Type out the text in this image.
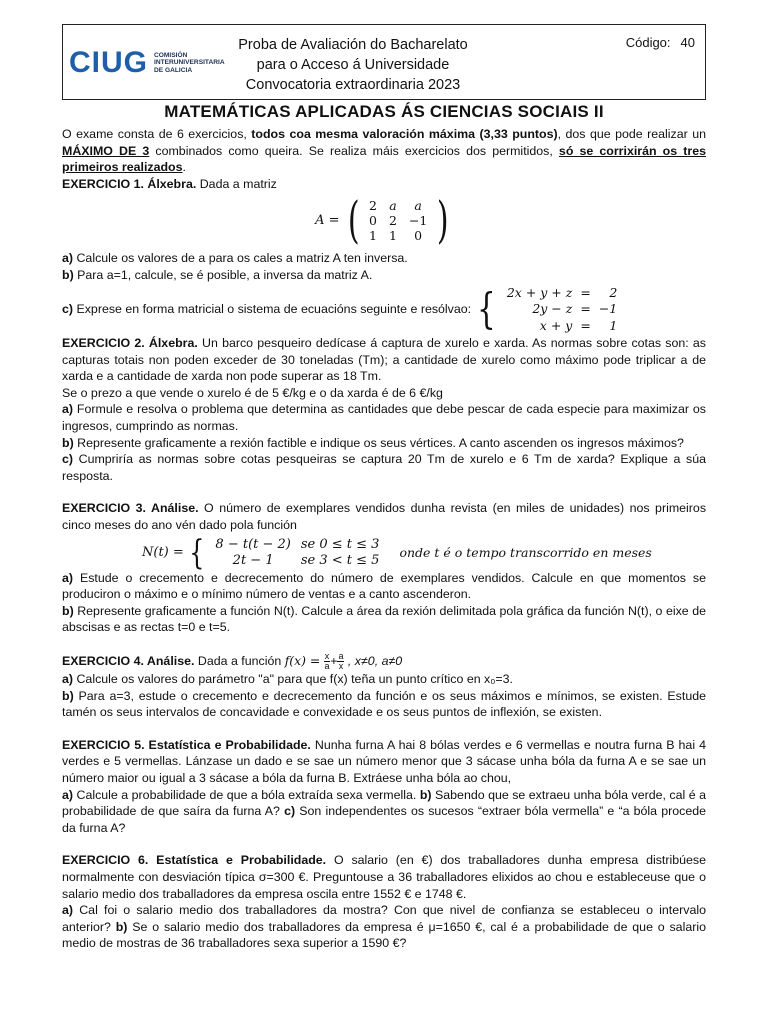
CIUG COMISIÓN
INTERUNIVERSITARIA
DE GALICIA
Proba de Avaliación do Bacharelato
para o Acceso á Universidade
Convocatoria extraordinaria 2023
Código: 40
MATEMÁTICAS APLICADAS ÁS CIENCIAS SOCIAIS II

O exame consta de 6 exercicios, todos coa mesma valoración máxima (3,33 puntos), dos que pode realizar un MÁXIMO DE 3 combinados como queira. Se realiza máis exercicios dos permitidos, só se corrixirán os tres primeiros realizados.

EXERCICIO 1. Álxebra. Dada a matriz

A = ( 2	a	a
0	2	−1
1	1	0 )

a) Calcule os valores de a para os cales a matriz A ten inversa.

b) Para a=1, calcule, se é posible, a inversa da matriz A.

c) Exprese en forma matricial o sistema de ecuacións seguinte e resólvao: { 2x + y + z	=	2
2y − z	=	−1
x + y	=	1

EXERCICIO 2. Álxebra. Un barco pesqueiro dedícase á captura de xurelo e xarda. As normas sobre cotas son: as capturas totais non poden exceder de 30 toneladas (Tm); a cantidade de xurelo como máximo pode triplicar a de xarda e a cantidade de xarda non pode superar as 18 Tm.

Se o prezo a que vende o xurelo é de 5 €/kg e o da xarda é de 6 €/kg

a) Formule e resolva o problema que determina as cantidades que debe pescar de cada especie para maximizar os ingresos, cumprindo as normas.

b) Represente graficamente a rexión factible e indique os seus vértices. A canto ascenden os ingresos máximos?

c) Cumpriría as normas sobre cotas pesqueiras se captura 20 Tm de xurelo e 6 Tm de xarda? Explique a súa resposta.

EXERCICIO 3. Análise. O número de exemplares vendidos dunha revista (en miles de unidades) nos primeiros cinco meses do ano vén dado pola función

N(t) = { 8 − t(t − 2)	se 0 ≤ t ≤ 3
2t − 1	se 3 < t ≤ 5 onde t é o tempo transcorrido en meses

a) Estude o crecemento e decrecemento do número de exemplares vendidos. Calcule en que momentos se produciron o máximo e o mínimo número de ventas e a canto ascenderon.

b) Represente graficamente a función N(t). Calcule a área da rexión delimitada pola gráfica da función N(t), o eixe de abscisas e as rectas t=0 e t=5.

EXERCICIO 4. Análise. Dada a función $f(x) = \frac{x}{a} + \frac{a}{x}$ , x≠0, a≠0

a) Calcule os valores do parámetro "a" para que f(x) teña un punto crítico en x₀=3.

b) Para a=3, estude o crecemento e decrecemento da función e os seus máximos e mínimos, se existen. Estude tamén os seus intervalos de concavidade e convexidade e os seus puntos de inflexión, se existen.

EXERCICIO 5. Estatística e Probabilidade. Nunha furna A hai 8 bólas verdes e 6 vermellas e noutra furna B hai 4 verdes e 5 vermellas. Lánzase un dado e se sae un número menor que 3 sácase unha bóla da furna A e se sae un número maior ou igual a 3 sácase a bóla da furna B. Extráese unha bóla ao chou,

a) Calcule a probabilidade de que a bóla extraída sexa vermella. b) Sabendo que se extraeu unha bóla verde, cal é a probabilidade de que saíra da furna A? c) Son independentes os sucesos “extraer bóla vermella” e “a bóla procede da furna A?

EXERCICIO 6. Estatística e Probabilidade. O salario (en €) dos traballadores dunha empresa distribúese normalmente con desviación típica σ=300 €. Preguntouse a 36 traballadores elixidos ao chou e estableceuse que o salario medio dos traballadores da empresa oscila entre 1552 € e 1748 €.

a) Cal foi o salario medio dos traballadores da mostra? Con que nivel de confianza se estableceu o intervalo anterior? b) Se o salario medio dos traballadores da empresa é μ=1650 €, cal é a probabilidade de que o salario medio de mostras de 36 traballadores sexa superior a 1590 €?
